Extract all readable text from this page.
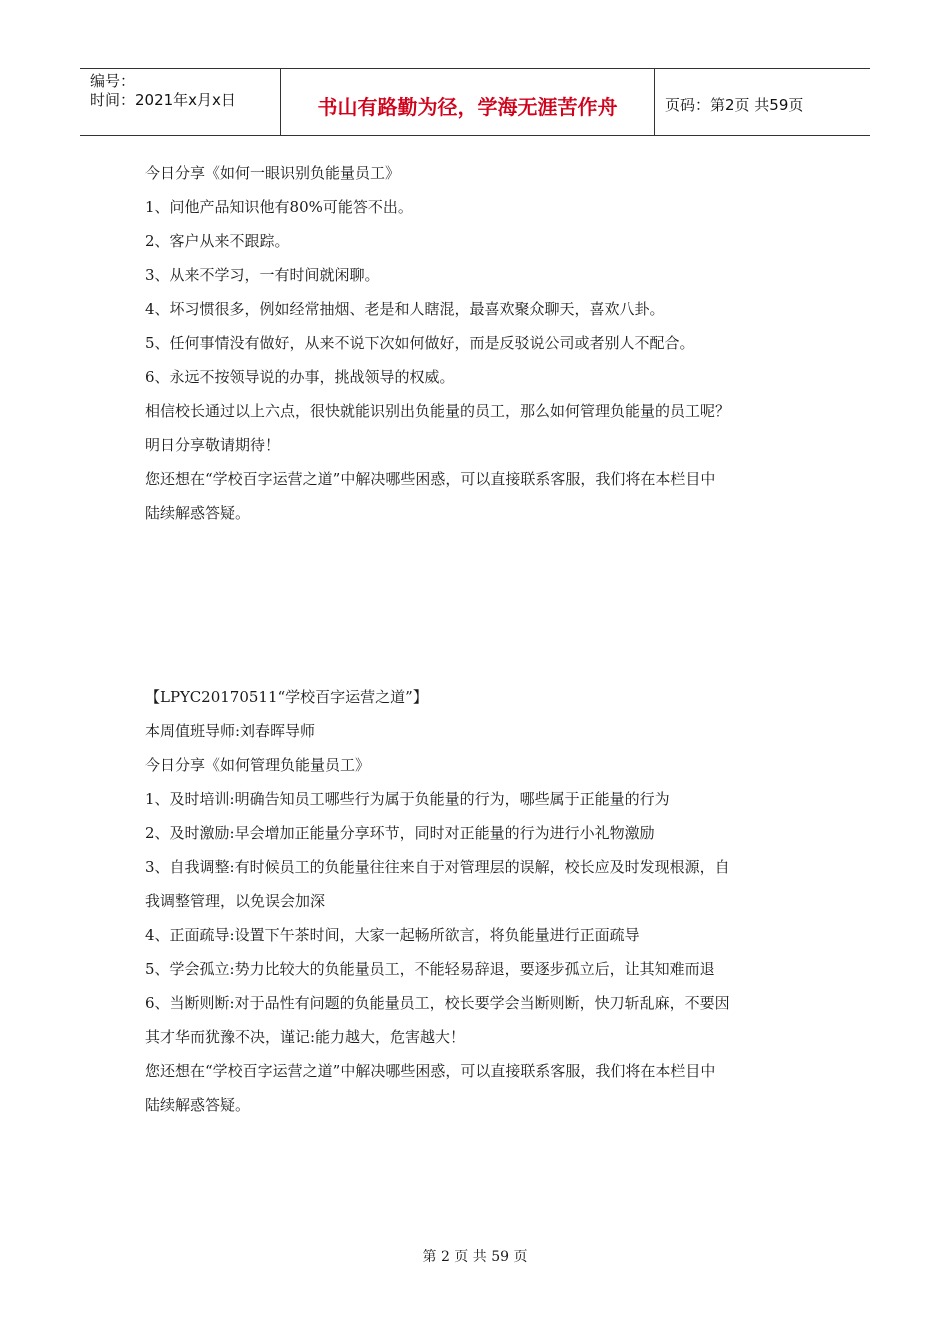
编号：
时间：2021年x月x日	书山有路勤为径，学海无涯苦作舟	页码：第2页 共59页

今日分享《如何一眼识别负能量员工》

1、问他产品知识他有80%可能答不出。

2、客户从来不跟踪。

3、从来不学习，一有时间就闲聊。

4、坏习惯很多，例如经常抽烟、老是和人瞎混，最喜欢聚众聊天，喜欢八卦。

5、任何事情没有做好，从来不说下次如何做好，而是反驳说公司或者别人不配合。

6、永远不按领导说的办事，挑战领导的权威。

相信校长通过以上六点，很快就能识别出负能量的员工，那么如何管理负能量的员工呢？

明日分享敬请期待！

您还想在“学校百字运营之道”中解决哪些困惑，可以直接联系客服，我们将在本栏目中

陆续解惑答疑。

【LPYC20170511“学校百字运营之道”】

本周值班导师:刘春晖导师

今日分享《如何管理负能量员工》

1、及时培训:明确告知员工哪些行为属于负能量的行为，哪些属于正能量的行为

2、及时激励:早会增加正能量分享环节，同时对正能量的行为进行小礼物激励

3、自我调整:有时候员工的负能量往往来自于对管理层的误解，校长应及时发现根源，自

我调整管理，以免误会加深

4、正面疏导:设置下午茶时间，大家一起畅所欲言，将负能量进行正面疏导

5、学会孤立:势力比较大的负能量员工，不能轻易辞退，要逐步孤立后，让其知难而退

6、当断则断:对于品性有问题的负能量员工，校长要学会当断则断，快刀斩乱麻，不要因

其才华而犹豫不决，谨记:能力越大，危害越大！

您还想在“学校百字运营之道”中解决哪些困惑，可以直接联系客服，我们将在本栏目中

陆续解惑答疑。

第 2 页 共 59 页
